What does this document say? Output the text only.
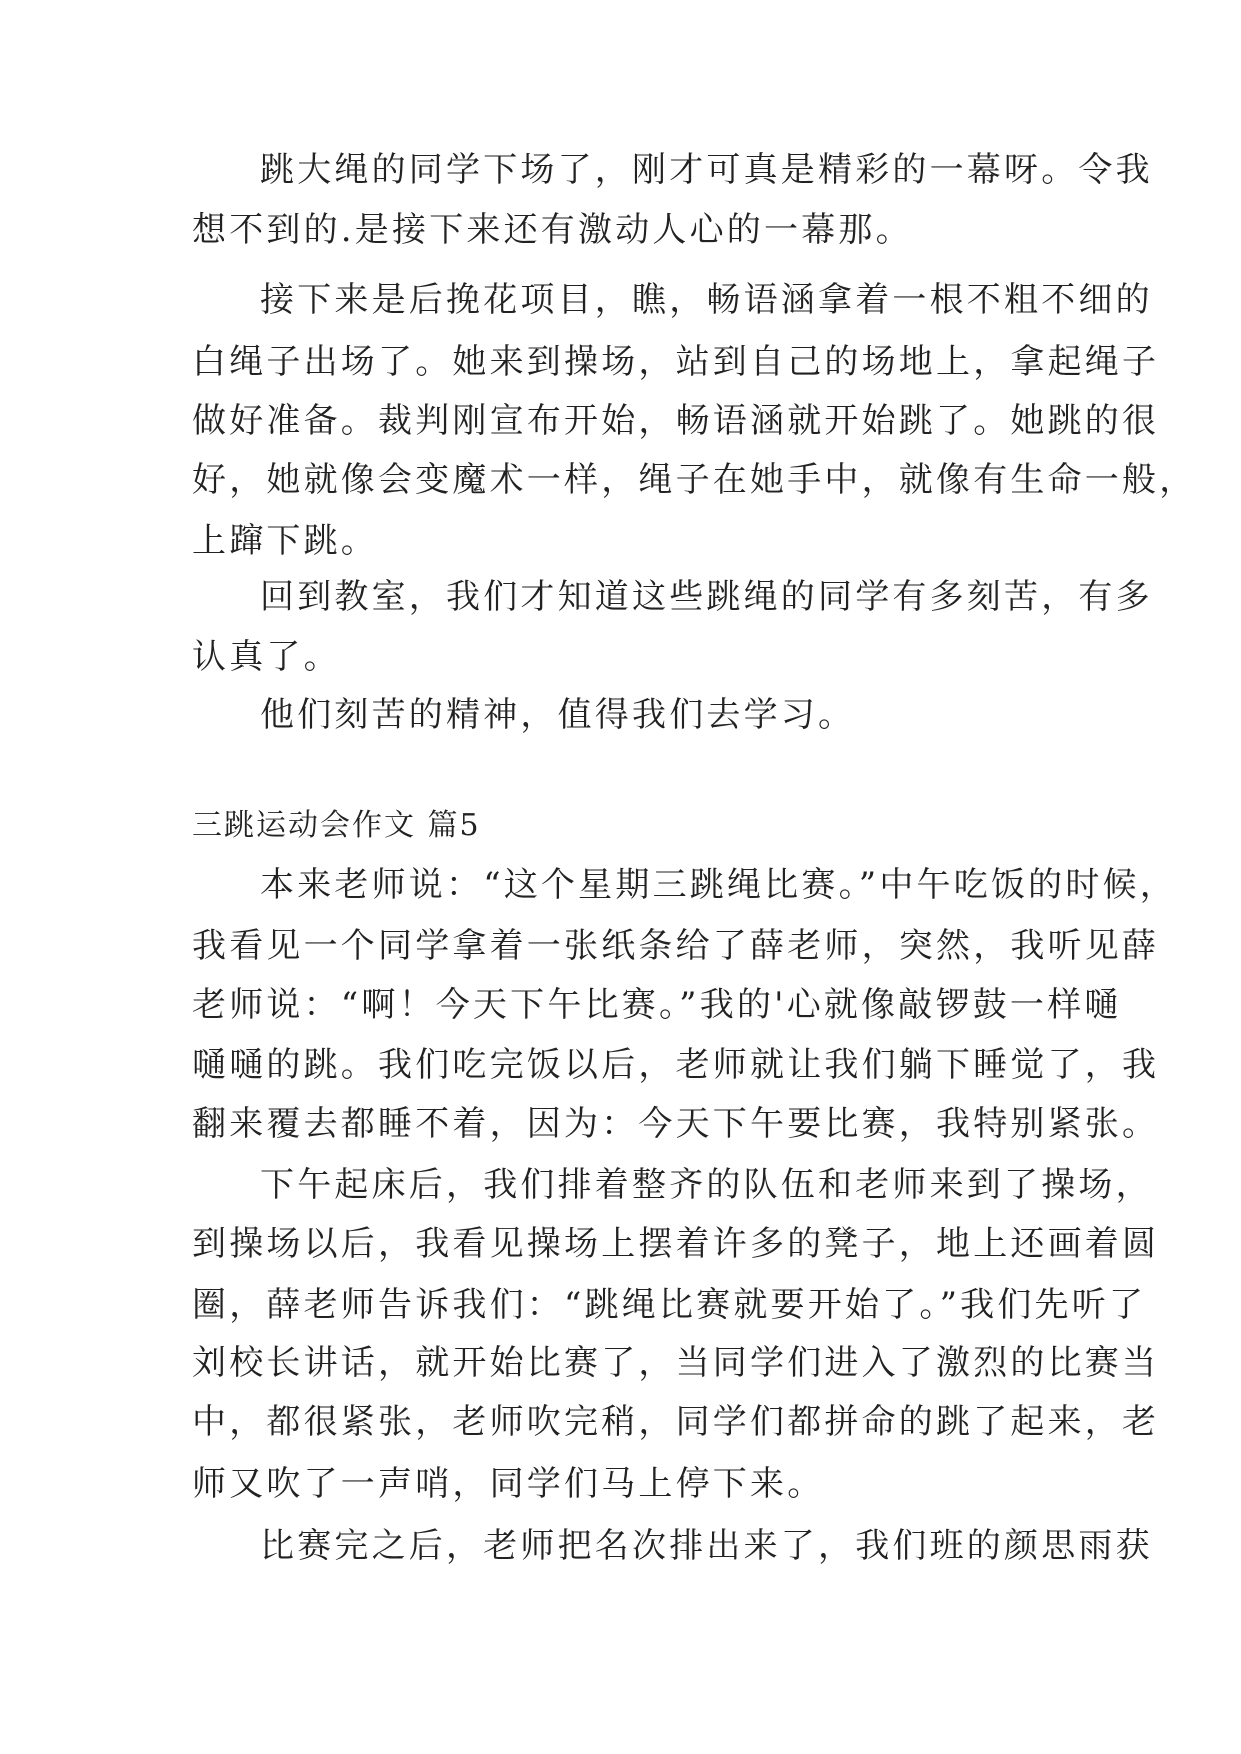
跳大绳的同学下场了，刚才可真是精彩的一幕呀。令我
想不到的.是接下来还有激动人心的一幕那。
接下来是后挽花项目，瞧，畅语涵拿着一根不粗不细的
白绳子出场了。她来到操场，站到自己的场地上，拿起绳子
做好准备。裁判刚宣布开始，畅语涵就开始跳了。她跳的很
好，她就像会变魔术一样，绳子在她手中，就像有生命一般，
上蹿下跳。
回到教室，我们才知道这些跳绳的同学有多刻苦，有多
认真了。
他们刻苦的精神，值得我们去学习。
三跳运动会作文 篇5
本来老师说：“这个星期三跳绳比赛。”中午吃饭的时候，
我看见一个同学拿着一张纸条给了薛老师，突然，我听见薛
老师说：“啊！今天下午比赛。”我的'心就像敲锣鼓一样嗵
嗵嗵的跳。我们吃完饭以后，老师就让我们躺下睡觉了，我
翻来覆去都睡不着，因为：今天下午要比赛，我特别紧张。
下午起床后，我们排着整齐的队伍和老师来到了操场，
到操场以后，我看见操场上摆着许多的凳子，地上还画着圆
圈，薛老师告诉我们：“跳绳比赛就要开始了。”我们先听了
刘校长讲话，就开始比赛了，当同学们进入了激烈的比赛当
中，都很紧张，老师吹完稍，同学们都拼命的跳了起来，老
师又吹了一声哨，同学们马上停下来。
比赛完之后，老师把名次排出来了，我们班的颜思雨获
